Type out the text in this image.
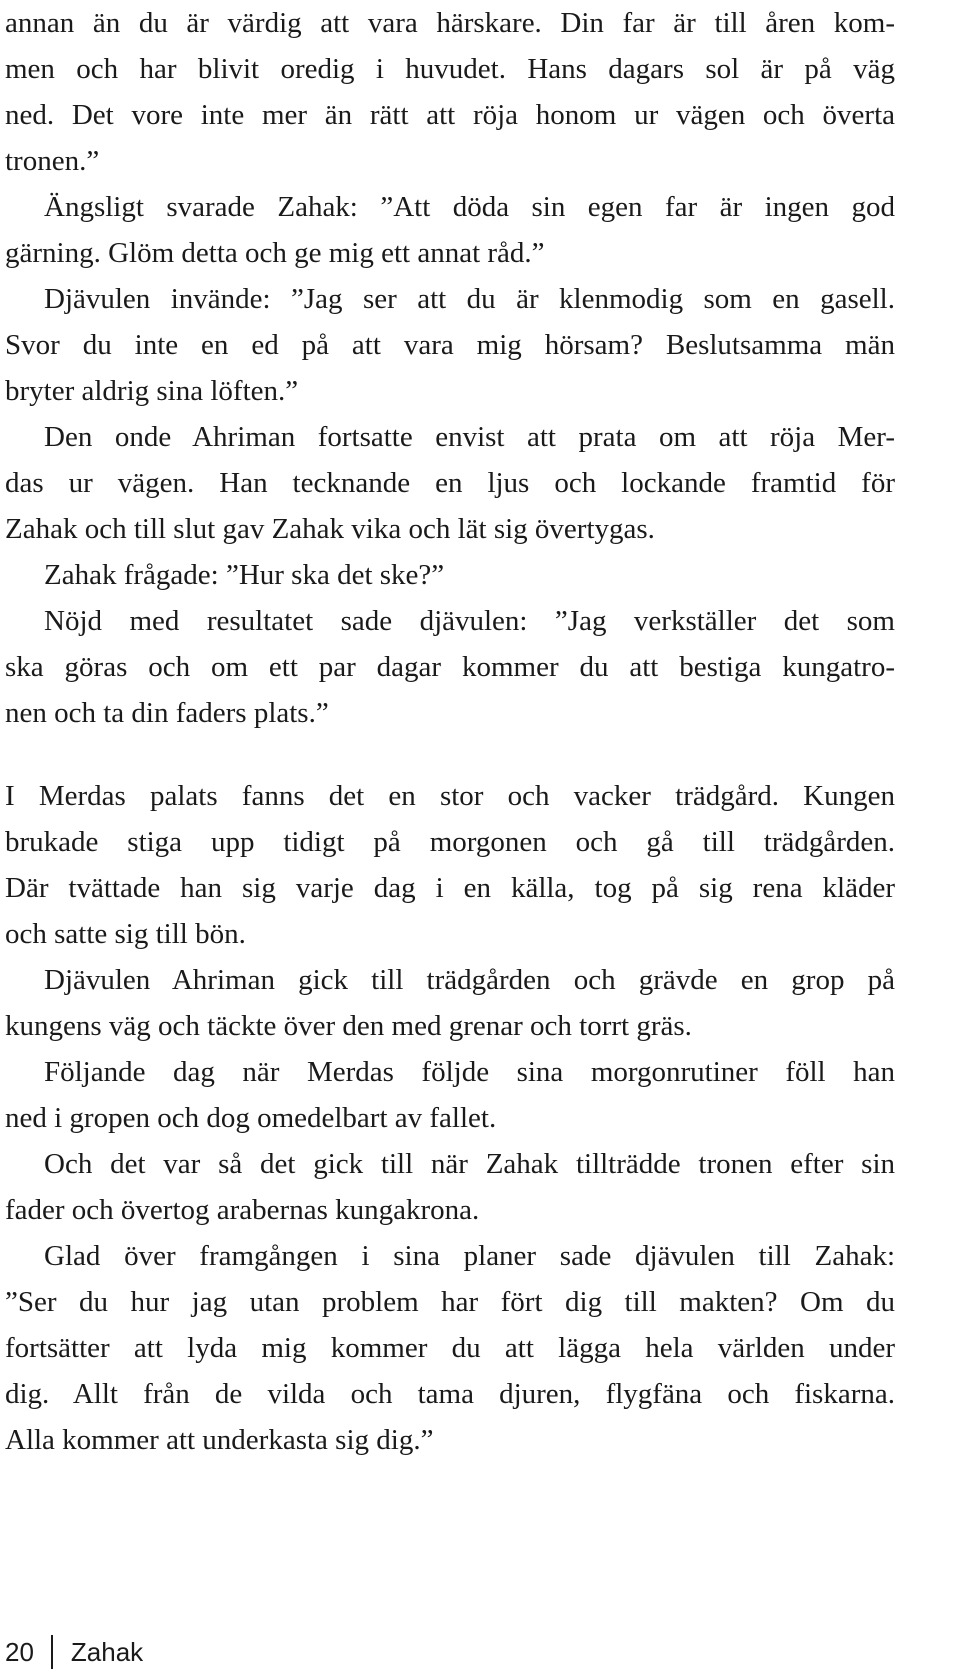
annan än du är värdig att vara härskare. Din far är till åren kom-
men och har blivit oredig i huvudet. Hans dagars sol är på väg
ned. Det vore inte mer än rätt att röja honom ur vägen och överta
tronen.”
Ängsligt svarade Zahak: ”Att döda sin egen far är ingen god
gärning. Glöm detta och ge mig ett annat råd.”
Djävulen invände: ”Jag ser att du är klenmodig som en gasell.
Svor du inte en ed på att vara mig hörsam? Beslutsamma män
bryter aldrig sina löften.”
Den onde Ahriman fortsatte envist att prata om att röja Mer-
das ur vägen. Han tecknande en ljus och lockande framtid för
Zahak och till slut gav Zahak vika och lät sig övertygas.
Zahak frågade: ”Hur ska det ske?”
Nöjd med resultatet sade djävulen: ”Jag verkställer det som
ska göras och om ett par dagar kommer du att bestiga kungatro-
nen och ta din faders plats.”
I Merdas palats fanns det en stor och vacker trädgård. Kungen
brukade stiga upp tidigt på morgonen och gå till trädgården.
Där tvättade han sig varje dag i en källa, tog på sig rena kläder
och satte sig till bön.
Djävulen Ahriman gick till trädgården och grävde en grop på
kungens väg och täckte över den med grenar och torrt gräs.
Följande dag när Merdas följde sina morgonrutiner föll han
ned i gropen och dog omedelbart av fallet.
Och det var så det gick till när Zahak tillträdde tronen efter sin
fader och övertog arabernas kungakrona.
Glad över framgången i sina planer sade djävulen till Zahak:
”Ser du hur jag utan problem har fört dig till makten? Om du
fortsätter att lyda mig kommer du att lägga hela världen under
dig. Allt från de vilda och tama djuren, flygfäna och fiskarna.
Alla kommer att underkasta sig dig.”
20 Zahak
